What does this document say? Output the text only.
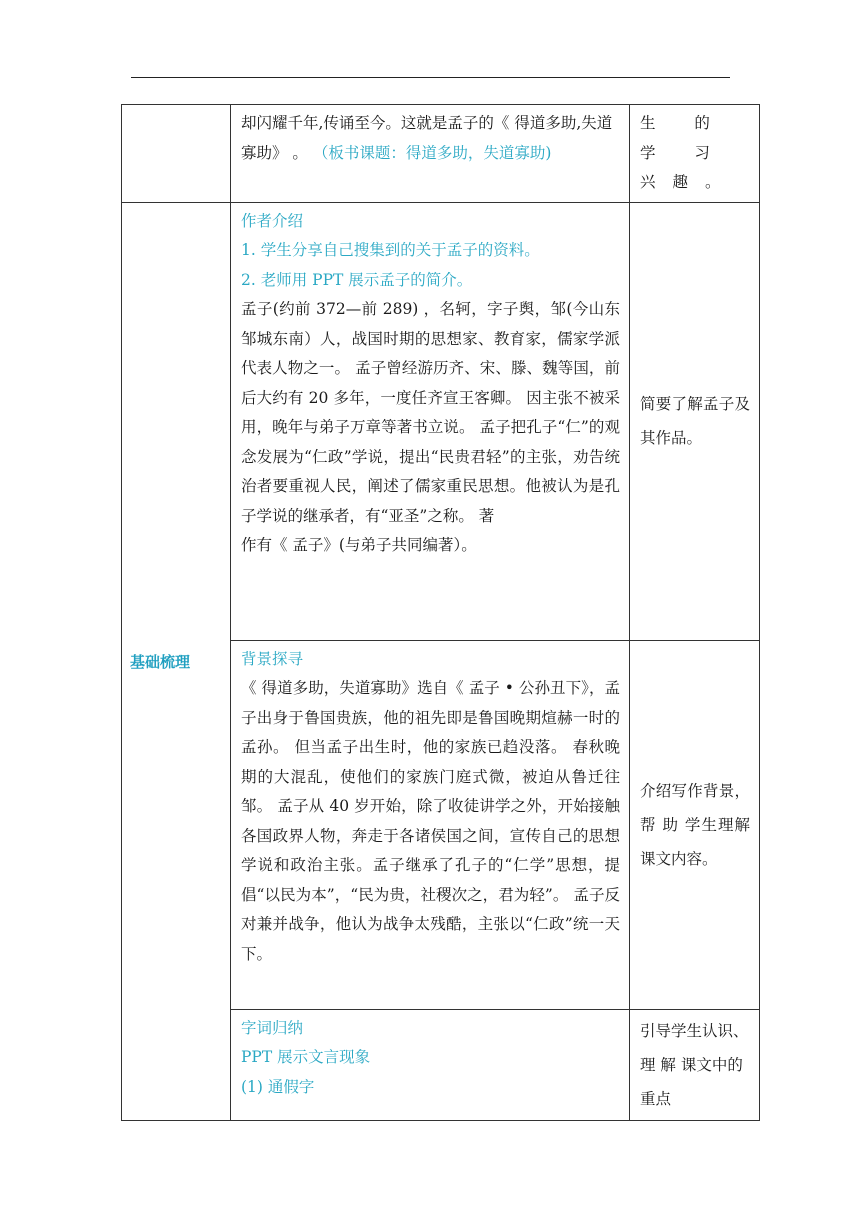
	却闪耀千年,传诵至今。这就是孟子的《 得道多助,失道寡助》 。 （板书课题：得道多助，失道寡助)	生 的 学 习 兴趣。

基础梳理	作者介绍

1. 学生分享自己搜集到的关于孟子的资料。

2. 老师用 PPT 展示孟子的简介。

孟子(约前 372—前 289) ，名轲，字子舆，邹(今山东邹城东南）人，战国时期的思想家、教育家，儒家学派代表人物之一。 孟子曾经游历齐、宋、滕、魏等国，前后大约有 20 多年，一度任齐宣王客卿。 因主张不被采用，晚年与弟子万章等著书立说。 孟子把孔子“仁”的观念发展为“仁政”学说，提出“民贵君轻”的主张，劝告统治者要重视人民，阐述了儒家重民思想。他被认为是孔子学说的继承者，有“亚圣”之称。 著

作有《 孟子》(与弟子共同编著）。	简要了解孟子及其作品。

	背景探寻

《 得道多助，失道寡助》选自《 孟子 • 公孙丑下》，孟子出身于鲁国贵族，他的祖先即是鲁国晚期煊赫一时的孟孙。 但当孟子出生时，他的家族已趋没落。 春秋晚期的大混乱，使他们的家族门庭式微，被迫从鲁迁往邹。 孟子从 40 岁开始，除了收徒讲学之外，开始接触各国政界人物，奔走于各诸侯国之间，宣传自己的思想学说和政治主张。孟子继承了孔子的“仁学”思想，提倡“以民为本”，“民为贵，社稷次之，君为轻”。 孟子反对兼并战争，他认为战争太残酷，主张以“仁政”统一天下。	介绍写作背景，帮 助 学生理解课文内容。

	字词归纳

PPT 展示文言现象

(1) 通假字	引导学生认识、 理 解 课文中的重点
